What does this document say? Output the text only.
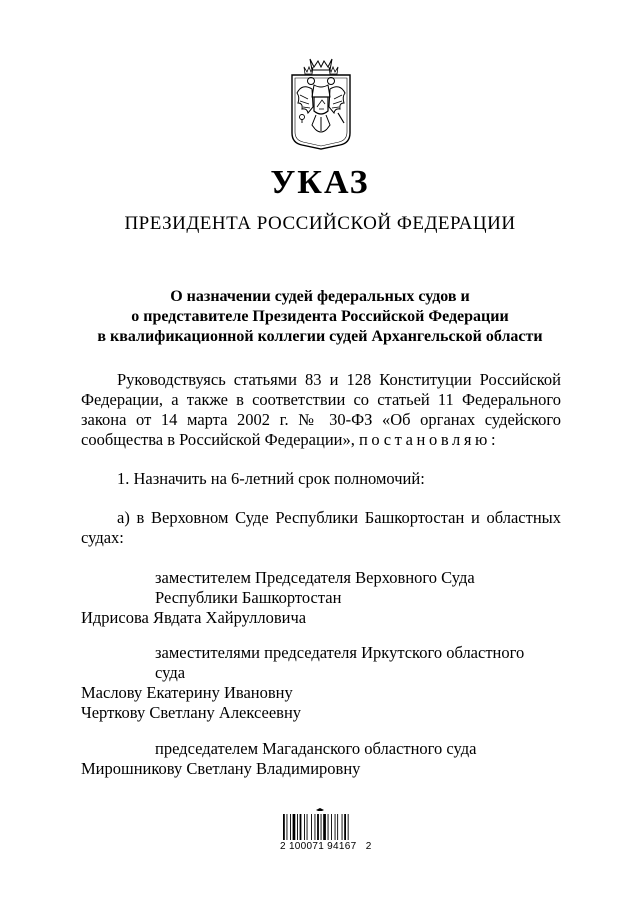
УКАЗ
ПРЕЗИДЕНТА РОССИЙСКОЙ ФЕДЕРАЦИИ
О назначении судей федеральных судов и
о представителе Президента Российской Федерации
в квалификационной коллегии судей Архангельской области
Руководствуясь статьями 83 и 128 Конституции Российской Федерации, а также в соответствии со статьей 11 Федерального закона от 14 марта 2002 г. № 30-ФЗ «Об органах судейского сообщества в Российской Федерации», постановляю:
1. Назначить на 6-летний срок полномочий:
а) в Верховном Суде Республики Башкортостан и областных судах:
заместителем Председателя Верховного Суда
Республики Башкортостан
Идрисова Явдата Хайрулловича
заместителями председателя Иркутского областного
суда
Маслову Екатерину Ивановну
Черткову Светлану Алексеевну
председателем Магаданского областного суда
Мирошникову Светлану Владимировну
2 100071 94167 2
